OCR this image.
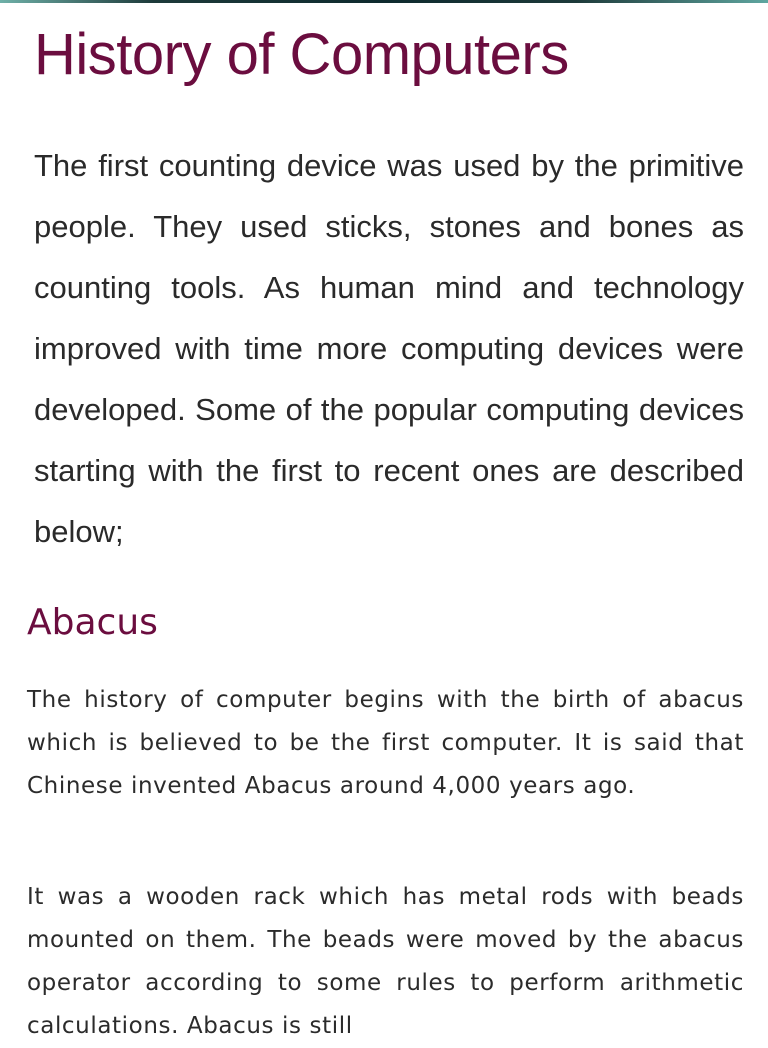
History of Computers

The first counting device was used by the primitive people. They used sticks, stones and bones as counting tools. As human mind and technology improved with time more computing devices were developed. Some of the popular computing devices starting with the first to recent ones are described below;

Abacus

The history of computer begins with the birth of abacus which is believed to be the first computer. It is said that Chinese invented Abacus around 4,000 years ago.

It was a wooden rack which has metal rods with beads mounted on them. The beads were moved by the abacus operator according to some rules to perform arithmetic calculations. Abacus is still
